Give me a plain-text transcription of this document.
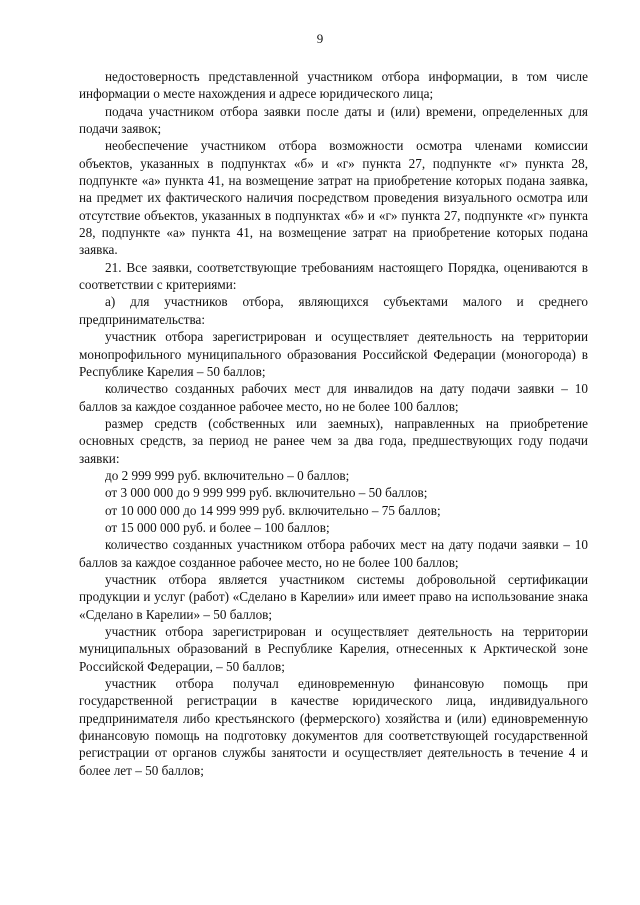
9

недостоверность представленной участником отбора информации, в том числе информации о месте нахождения и адресе юридического лица;

подача участником отбора заявки после даты и (или) времени, определенных для подачи заявок;

необеспечение участником отбора возможности осмотра членами комиссии объектов, указанных в подпунктах «б» и «г» пункта 27, подпункте «г» пункта 28, подпункте «а» пункта 41, на возмещение затрат на приобретение которых подана заявка, на предмет их фактического наличия посредством проведения визуального осмотра или отсутствие объектов, указанных в подпунктах «б» и «г» пункта 27, подпункте «г» пункта 28, подпункте «а» пункта 41, на возмещение затрат на приобретение которых подана заявка.

21. Все заявки, соответствующие требованиям настоящего Порядка, оцениваются в соответствии с критериями:

а) для участников отбора, являющихся субъектами малого и среднего предпринимательства:

участник отбора зарегистрирован и осуществляет деятельность на территории монопрофильного муниципального образования Российской Федерации (моногорода) в Республике Карелия – 50 баллов;

количество созданных рабочих мест для инвалидов на дату подачи заявки – 10 баллов за каждое созданное рабочее место, но не более 100 баллов;

размер средств (собственных или заемных), направленных на приобретение основных средств, за период не ранее чем за два года, предшествующих году подачи заявки:

до 2 999 999 руб. включительно – 0 баллов;

от 3 000 000 до 9 999 999 руб. включительно – 50 баллов;

от 10 000 000 до 14 999 999 руб. включительно – 75 баллов;

от 15 000 000 руб. и более – 100 баллов;

количество созданных участником отбора рабочих мест на дату подачи заявки – 10 баллов за каждое созданное рабочее место, но не более 100 баллов;

участник отбора является участником системы добровольной сертификации продукции и услуг (работ) «Сделано в Карелии» или имеет право на использование знака «Сделано в Карелии» – 50 баллов;

участник отбора зарегистрирован и осуществляет деятельность на территории муниципальных образований в Республике Карелия, отнесенных к Арктической зоне Российской Федерации, – 50 баллов;

участник отбора получал единовременную финансовую помощь при государственной регистрации в качестве юридического лица, индивидуального предпринимателя либо крестьянского (фермерского) хозяйства и (или) единовременную финансовую помощь на подготовку документов для соответствующей государственной регистрации от органов службы занятости и осуществляет деятельность в течение 4 и более лет – 50 баллов;
